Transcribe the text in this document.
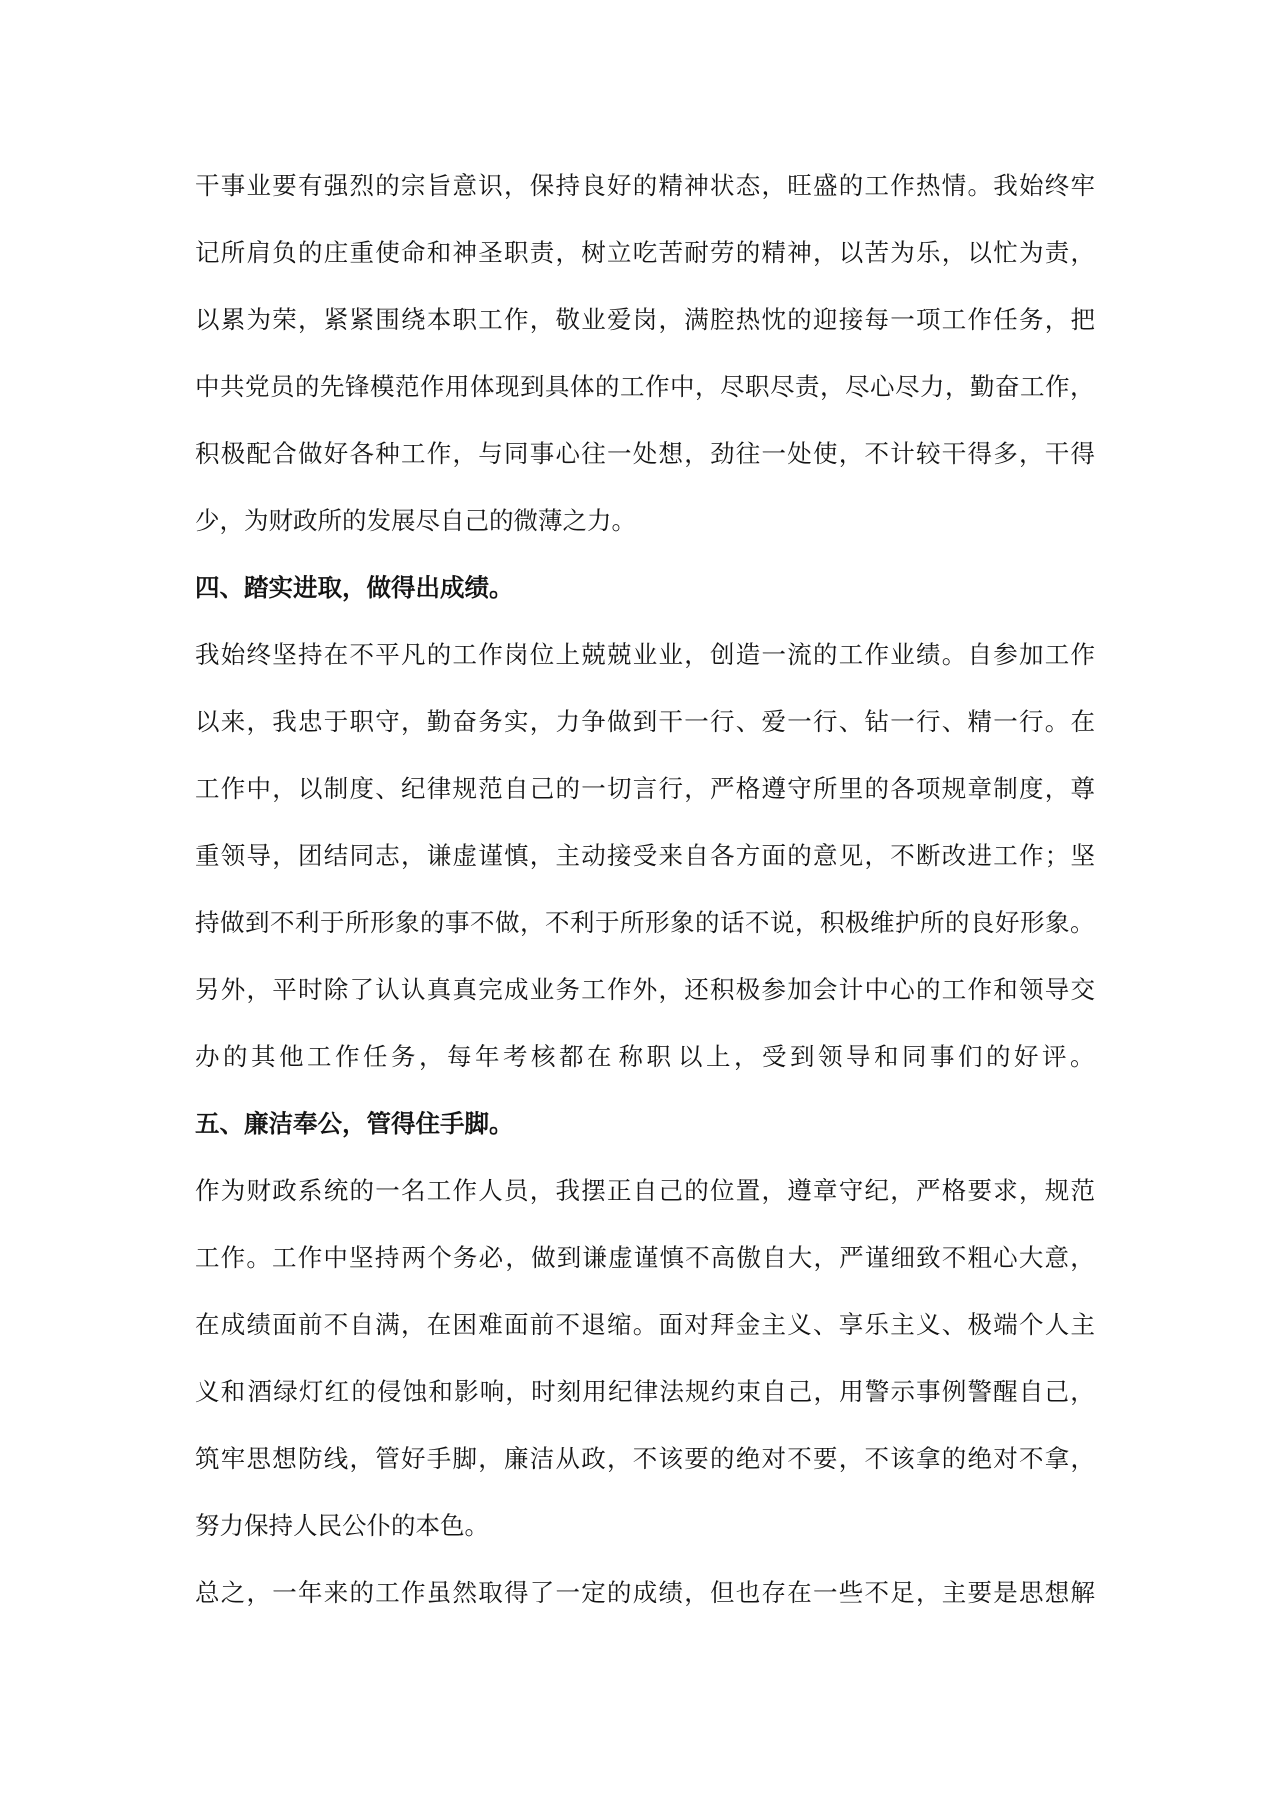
干 事 业 要 有 强 烈 的 宗 旨 意 识 ， 保 持 良 好 的 精 神 状 态 ， 旺 盛 的 工 作 热 情 。 我 始 终 牢
记 所 肩 负 的 庄 重 使 命 和 神 圣 职 责 ， 树 立 吃 苦 耐 劳 的 精 神 ， 以 苦 为 乐 ， 以 忙 为 责 ，
以 累 为 荣 ， 紧 紧 围 绕 本 职 工 作 ， 敬 业 爱 岗 ， 满 腔 热 忱 的 迎 接 每 一 项 工 作 任 务 ， 把
中 共 党 员 的 先 锋 模 范 作 用 体 现 到 具 体 的 工 作 中 ， 尽 职 尽 责 ， 尽 心 尽 力 ， 勤 奋 工 作 ，
积 极 配 合 做 好 各 种 工 作 ， 与 同 事 心 往 一 处 想 ， 劲 往 一 处 使 ， 不 计 较 干 得 多 ， 干 得
少，为财政所的发展尽自己的微薄之力。
四、踏实进取，做得出成绩。
我 始 终 坚 持 在 不 平 凡 的 工 作 岗 位 上 兢 兢 业 业 ， 创 造 一 流 的 工 作 业 绩 。 自 参 加 工 作
以 来 ， 我 忠 于 职 守 ， 勤 奋 务 实 ， 力 争 做 到 干 一 行 、 爱 一 行 、 钻 一 行 、 精 一 行 。 在
工 作 中 ， 以 制 度 、 纪 律 规 范 自 己 的 一 切 言 行 ， 严 格 遵 守 所 里 的 各 项 规 章 制 度 ， 尊
重 领 导 ， 团 结 同 志 ， 谦 虚 谨 慎 ， 主 动 接 受 来 自 各 方 面 的 意 见 ， 不 断 改 进 工 作 ； 坚
持 做 到 不 利 于 所 形 象 的 事 不 做 ， 不 利 于 所 形 象 的 话 不 说 ， 积 极 维 护 所 的 良 好 形 象 。
另 外 ， 平 时 除 了 认 认 真 真 完 成 业 务 工 作 外 ， 还 积 极 参 加 会 计 中 心 的 工 作 和 领 导 交
办 的 其 他 工 作 任 务 ， 每 年 考 核 都 在 称 职 以 上 ， 受 到 领 导 和 同 事 们 的 好 评 。
五、廉洁奉公，管得住手脚。
作 为 财 政 系 统 的 一 名 工 作 人 员 ， 我 摆 正 自 己 的 位 置 ， 遵 章 守 纪 ， 严 格 要 求 ， 规 范
工 作 。 工 作 中 坚 持 两 个 务 必 ， 做 到 谦 虚 谨 慎 不 高 傲 自 大 ， 严 谨 细 致 不 粗 心 大 意 ，
在 成 绩 面 前 不 自 满 ， 在 困 难 面 前 不 退 缩 。 面 对 拜 金 主 义 、 享 乐 主 义 、 极 端 个 人 主
义 和 酒 绿 灯 红 的 侵 蚀 和 影 响 ， 时 刻 用 纪 律 法 规 约 束 自 己 ， 用 警 示 事 例 警 醒 自 己 ，
筑 牢 思 想 防 线 ， 管 好 手 脚 ， 廉 洁 从 政 ， 不 该 要 的 绝 对 不 要 ， 不 该 拿 的 绝 对 不 拿 ，
努力保持人民公仆的本色。
总 之 ， 一 年 来 的 工 作 虽 然 取 得 了 一 定 的 成 绩 ， 但 也 存 在 一 些 不 足 ， 主 要 是 思 想 解
